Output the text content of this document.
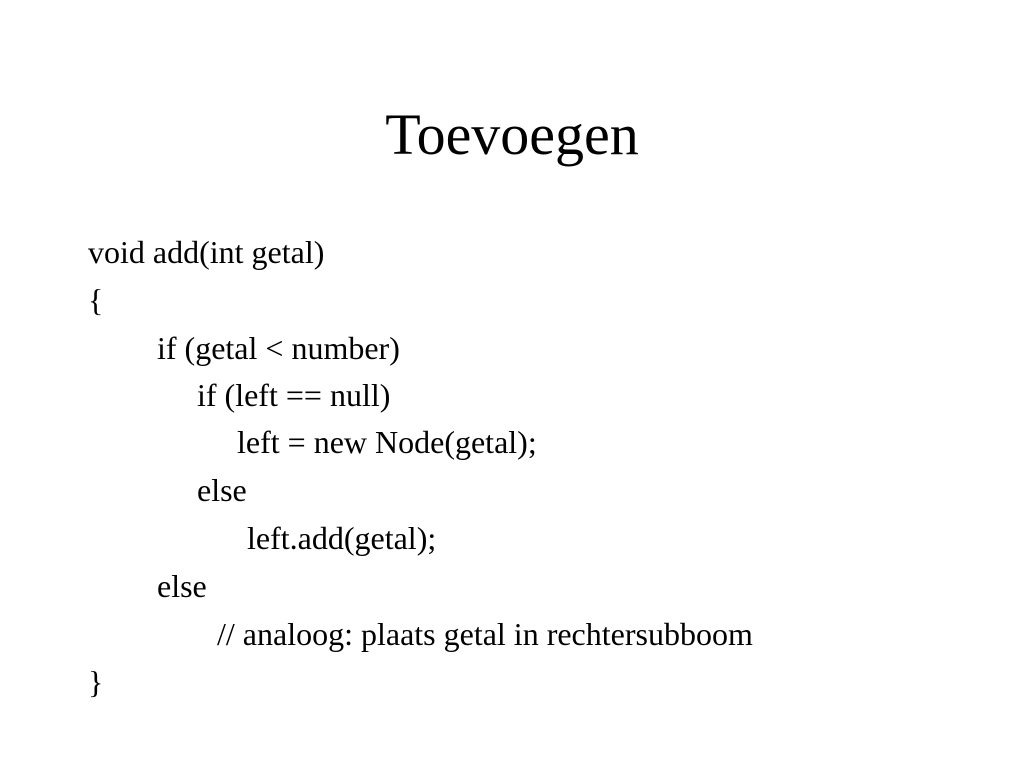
Toevoegen

void add(int getal)

{

if (getal < number)

if (left == null)

left = new Node(getal);

else

left.add(getal);

else

// analoog: plaats getal in rechtersubboom

}
